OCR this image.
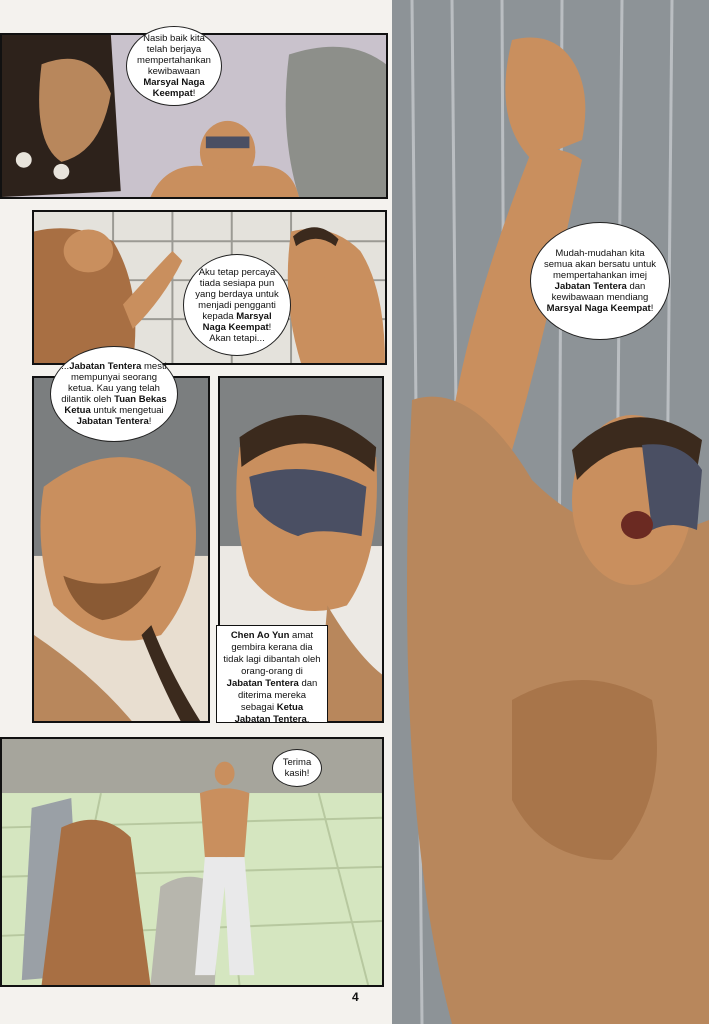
Nasib baik kita telah berjaya mempertahankan kewibawaan Marsyal Naga Keempat!

Aku tetap percaya tiada sesiapa pun yang berdaya untuk menjadi pengganti kepada Marsyal Naga Keempat! Akan tetapi...

...Jabatan Tentera mesti mempunyai seorang ketua. Kau yang telah dilantik oleh Tuan Bekas Ketua untuk mengetuai Jabatan Tentera!

Chen Ao Yun amat gembira kerana dia tidak lagi dibantah oleh orang-orang di Jabatan Tentera dan diterima mereka sebagai Ketua Jabatan Tentera.

Terima kasih!

Mudah-mudahan kita semua akan bersatu untuk mempertahankan imej Jabatan Tentera dan kewibawaan mendiang Marsyal Naga Keempat!

4
